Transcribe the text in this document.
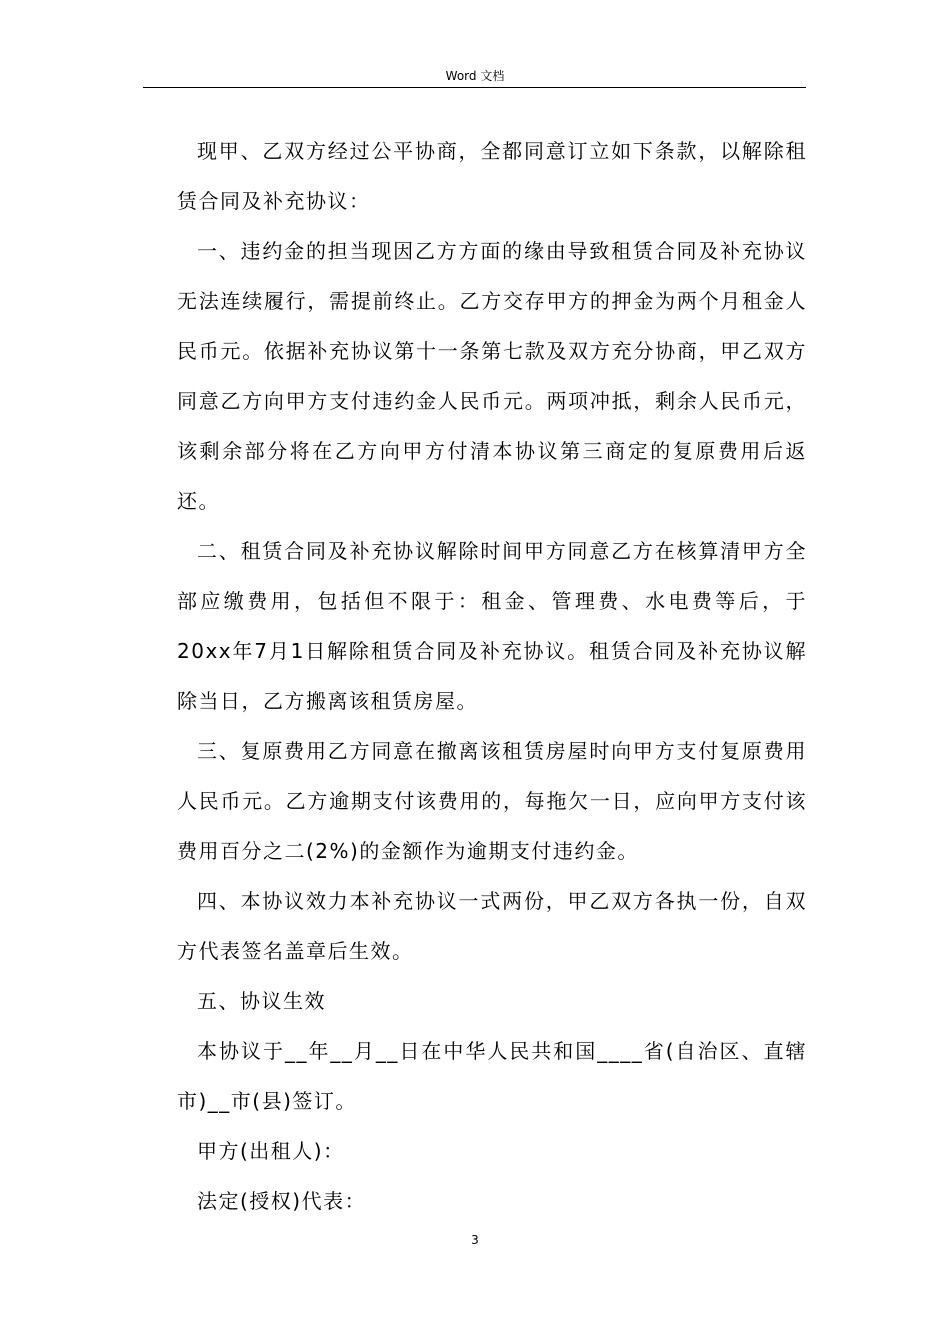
Word 文档

现甲、乙双方经过公平协商，全都同意订立如下条款，以解除租赁合同及补充协议：

一、违约金的担当现因乙方方面的缘由导致租赁合同及补充协议无法连续履行，需提前终止。乙方交存甲方的押金为两个月租金人民币元。依据补充协议第十一条第七款及双方充分协商，甲乙双方同意乙方向甲方支付违约金人民币元。两项冲抵，剩余人民币元，该剩余部分将在乙方向甲方付清本协议第三商定的复原费用后返还。

二、租赁合同及补充协议解除时间甲方同意乙方在核算清甲方全部应缴费用，包括但不限于：租金、管理费、水电费等后，于20xx年7月1日解除租赁合同及补充协议。租赁合同及补充协议解除当日，乙方搬离该租赁房屋。

三、复原费用乙方同意在撤离该租赁房屋时向甲方支付复原费用人民币元。乙方逾期支付该费用的，每拖欠一日，应向甲方支付该费用百分之二(2%)的金额作为逾期支付违约金。

四、本协议效力本补充协议一式两份，甲乙双方各执一份，自双方代表签名盖章后生效。

五、协议生效

本协议于__年__月__日在中华人民共和国____省(自治区、直辖市)__市(县)签订。

甲方(出租人)：

法定(授权)代表：

3
